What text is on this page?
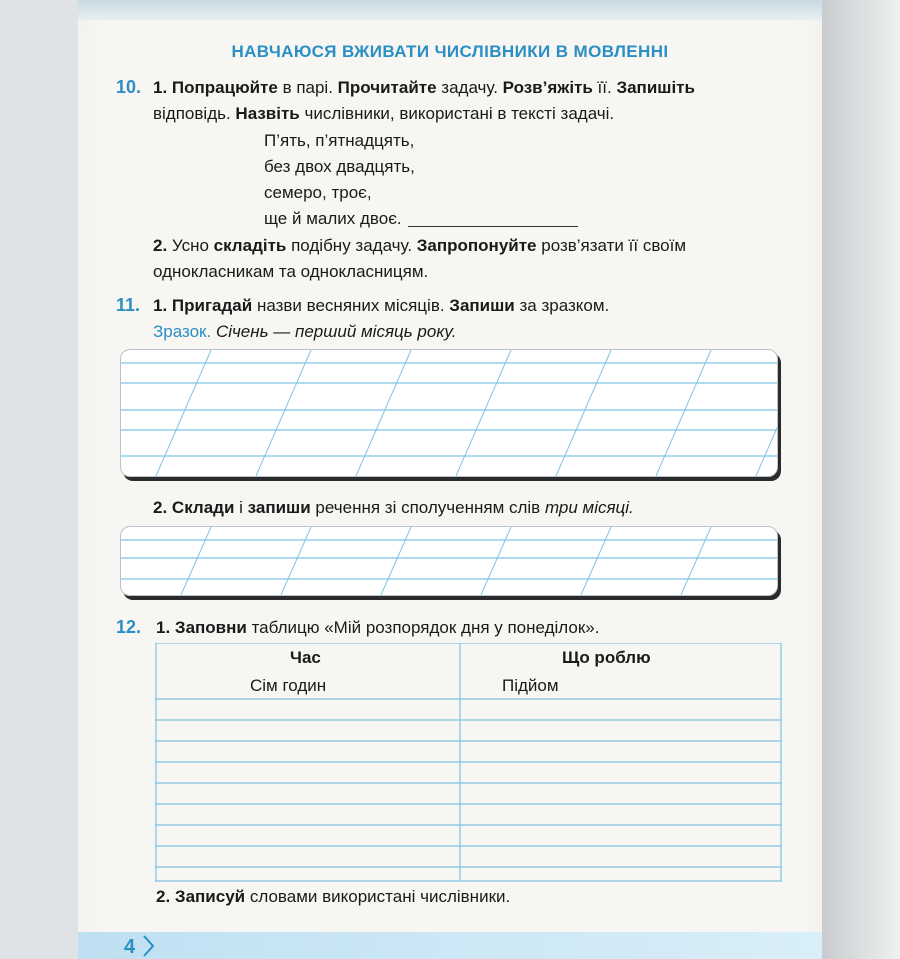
НАВЧАЮСЯ ВЖИВАТИ ЧИСЛІВНИКИ В МОВЛЕННІ
10. 1. Попрацюйте в парі. Прочитайте задачу. Розв’яжіть її. Запишіть
відповідь. Назвіть числівники, використані в тексті задачі.
П’ять, п’ятнадцять,
без двох двадцять,
семеро, троє,
ще й малих двоє.
2. Усно складіть подібну задачу. Запропонуйте розв’язати її своїм
однокласникам та однокласницям.
11. 1. Пригадай назви весняних місяців. Запиши за зразком.
Зразок. Січень — перший місяць року.
2. Склади і запиши речення зі сполученням слів три місяці.
12. 1. Заповни таблицю «Мій розпорядок дня у понеділок».
Час	Що роблю
Сім годин	Підйом
2. Записуй словами використані числівники.
4
